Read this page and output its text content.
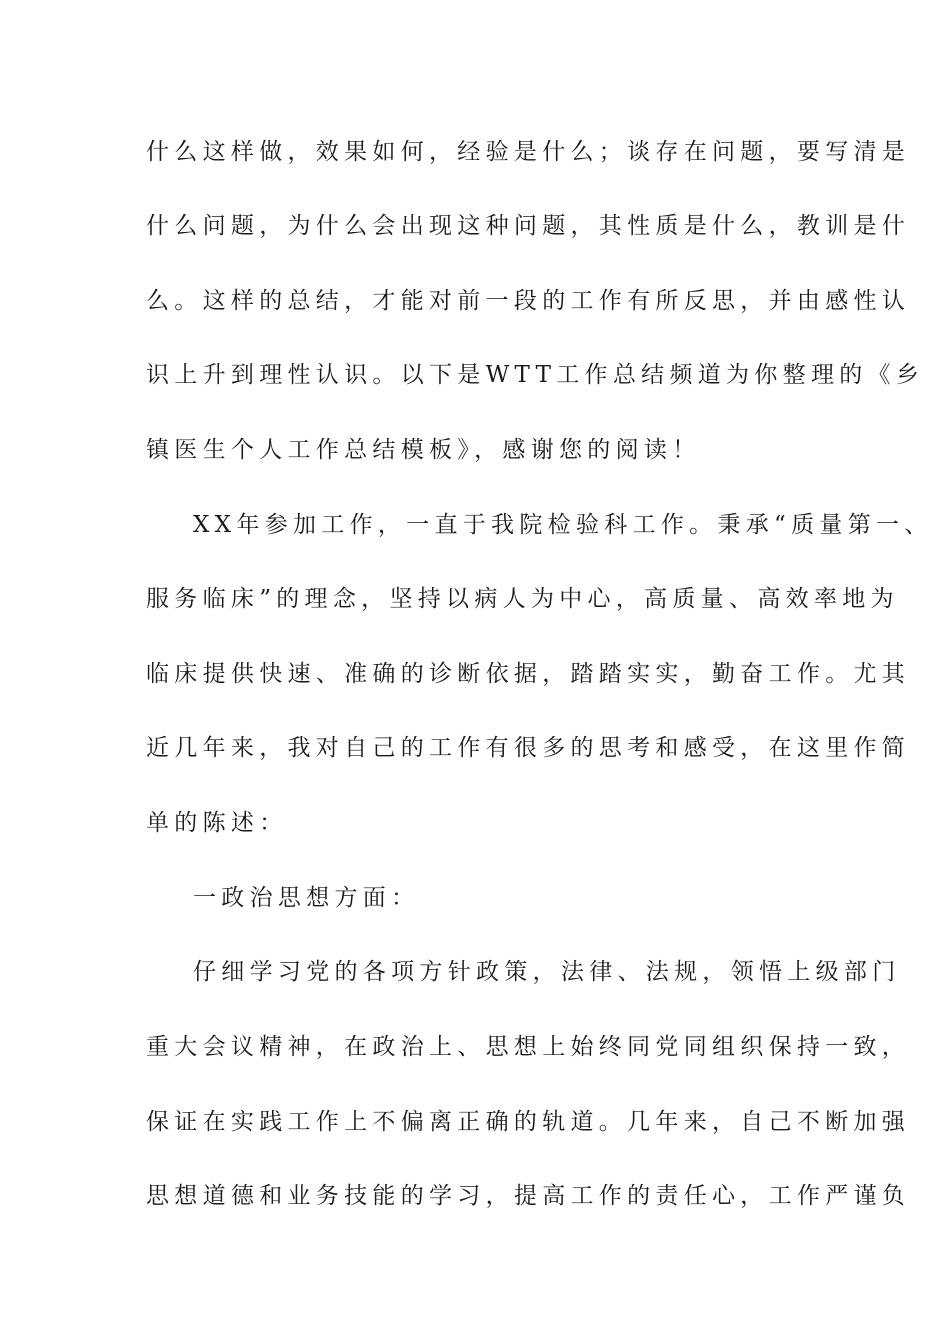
什么这样做，效果如何，经验是什么；谈存在问题，要写清是
什么问题，为什么会出现这种问题，其性质是什么，教训是什
么。这样的总结，才能对前一段的工作有所反思，并由感性认
识上升到理性认识。以下是WTT工作总结频道为你整理的《乡
镇医生个人工作总结模板》，感谢您的阅读！
XX年参加工作，一直于我院检验科工作。秉承“质量第一、
服务临床”的理念，坚持以病人为中心，高质量、高效率地为
临床提供快速、准确的诊断依据，踏踏实实，勤奋工作。尤其
近几年来，我对自己的工作有很多的思考和感受，在这里作简
单的陈述：
一政治思想方面：
仔细学习党的各项方针政策，法律、法规，领悟上级部门
重大会议精神，在政治上、思想上始终同党同组织保持一致，
保证在实践工作上不偏离正确的轨道。几年来，自己不断加强
思想道德和业务技能的学习，提高工作的责任心，工作严谨负
